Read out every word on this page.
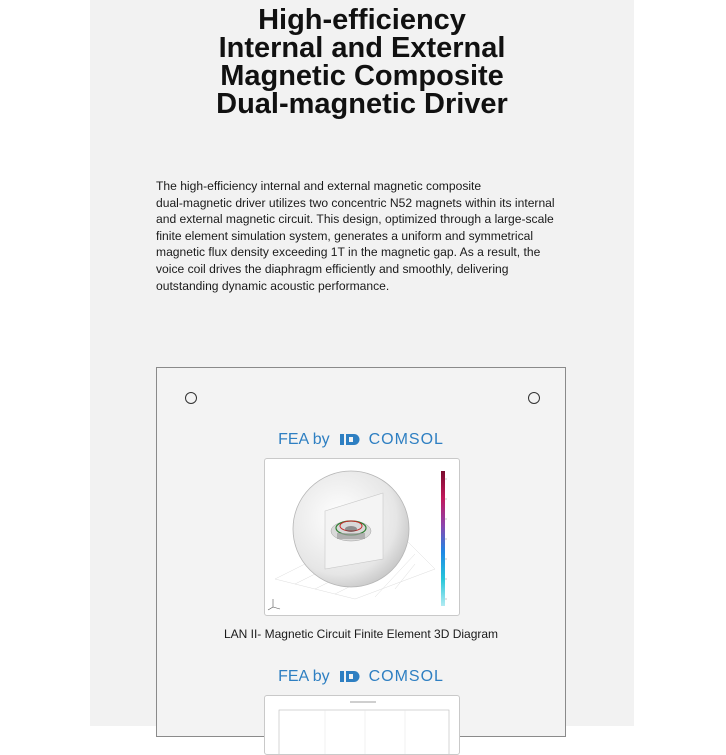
High-efficiency
Internal and External
Magnetic Composite
Dual-magnetic Driver

The high-efficiency internal and external magnetic composite
dual-magnetic driver utilizes two concentric N52 magnets within its internal
and external magnetic circuit. This design, optimized through a large-scale
finite element simulation system, generates a uniform and symmetrical
magnetic flux density exceeding 1T in the magnetic gap. As a result, the
voice coil drives the diaphragm efficiently and smoothly, delivering
outstanding dynamic acoustic performance.

FEA by COMSOL
LAN II- Magnetic Circuit Finite Element 3D Diagram
FEA by COMSOL
